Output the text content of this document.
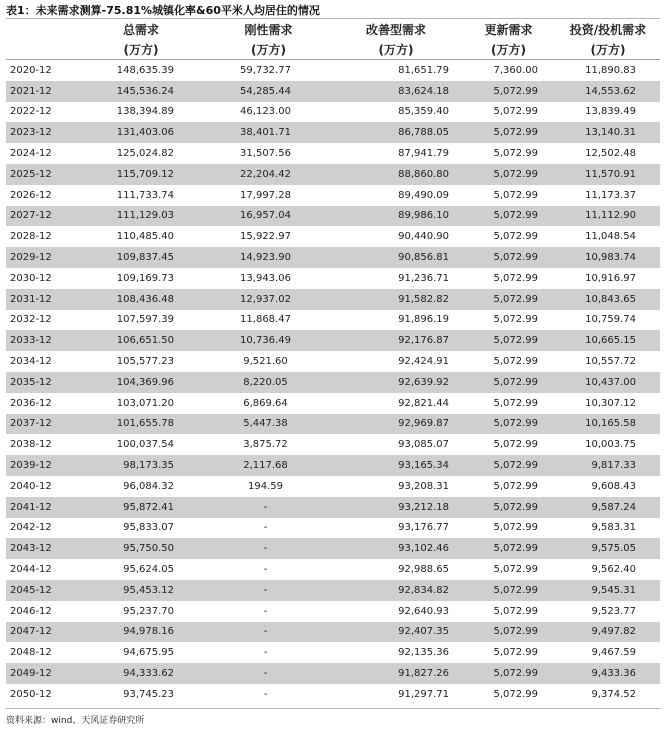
表1：未来需求测算-75.81%城镇化率&60平米人均居住的情况
	总需求	刚性需求	改善型需求	更新需求	投资/投机需求
	(万方)	(万方)	(万方)	(万方)	(万方)
2020-12	148,635.39	59,732.77	81,651.79	7,360.00	11,890.83
2021-12	145,536.24	54,285.44	83,624.18	5,072.99	14,553.62
2022-12	138,394.89	46,123.00	85,359.40	5,072.99	13,839.49
2023-12	131,403.06	38,401.71	86,788.05	5,072.99	13,140.31
2024-12	125,024.82	31,507.56	87,941.79	5,072.99	12,502.48
2025-12	115,709.12	22,204.42	88,860.80	5,072.99	11,570.91
2026-12	111,733.74	17,997.28	89,490.09	5,072.99	11,173.37
2027-12	111,129.03	16,957.04	89,986.10	5,072.99	11,112.90
2028-12	110,485.40	15,922.97	90,440.90	5,072.99	11,048.54
2029-12	109,837.45	14,923.90	90,856.81	5,072.99	10,983.74
2030-12	109,169.73	13,943.06	91,236.71	5,072.99	10,916.97
2031-12	108,436.48	12,937.02	91,582.82	5,072.99	10,843.65
2032-12	107,597.39	11,868.47	91,896.19	5,072.99	10,759.74
2033-12	106,651.50	10,736.49	92,176.87	5,072.99	10,665.15
2034-12	105,577.23	9,521.60	92,424.91	5,072.99	10,557.72
2035-12	104,369.96	8,220.05	92,639.92	5,072.99	10,437.00
2036-12	103,071.20	6,869.64	92,821.44	5,072.99	10,307.12
2037-12	101,655.78	5,447.38	92,969.87	5,072.99	10,165.58
2038-12	100,037.54	3,875.72	93,085.07	5,072.99	10,003.75
2039-12	98,173.35	2,117.68	93,165.34	5,072.99	9,817.33
2040-12	96,084.32	194.59	93,208.31	5,072.99	9,608.43
2041-12	95,872.41	-	93,212.18	5,072.99	9,587.24
2042-12	95,833.07	-	93,176.77	5,072.99	9,583.31
2043-12	95,750.50	-	93,102.46	5,072.99	9,575.05
2044-12	95,624.05	-	92,988.65	5,072.99	9,562.40
2045-12	95,453.12	-	92,834.82	5,072.99	9,545.31
2046-12	95,237.70	-	92,640.93	5,072.99	9,523.77
2047-12	94,978.16	-	92,407.35	5,072.99	9,497.82
2048-12	94,675.95	-	92,135.36	5,072.99	9,467.59
2049-12	94,333.62	-	91,827.26	5,072.99	9,433.36
2050-12	93,745.23	-	91,297.71	5,072.99	9,374.52
资料来源：wind、天风证券研究所
